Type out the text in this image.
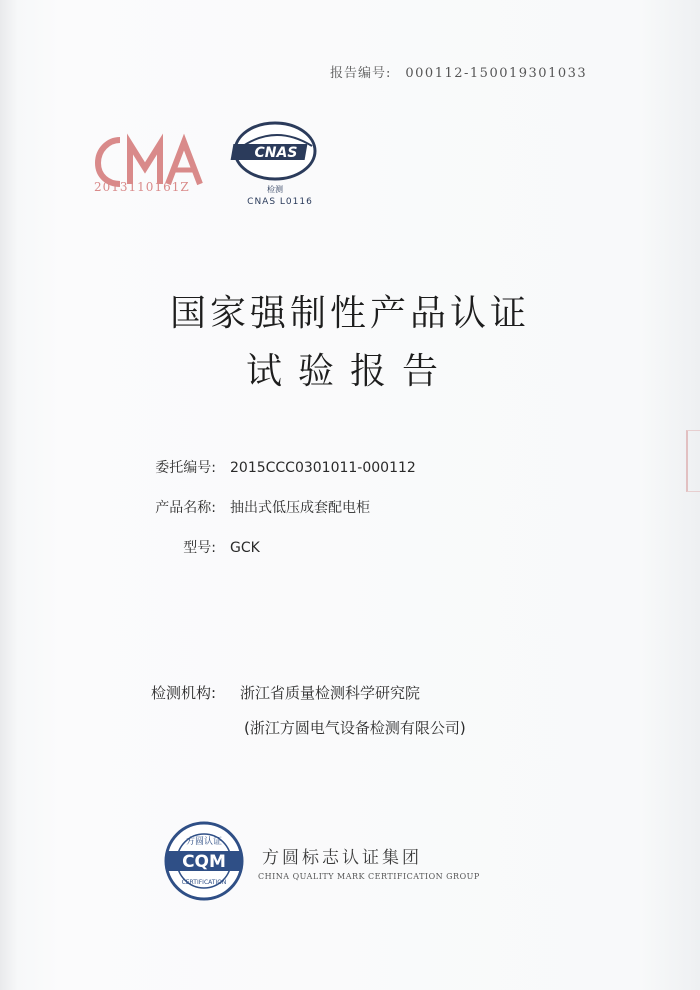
报告编号: 000112-150019301033
2013110161Z
CNAS
检测
CNAS L0116
国家强制性产品认证
试验报告
委托编号: 2015CCC0301011-000112
产品名称: 抽出式低压成套配电柜
型号: GCK
检测机构: 浙江省质量检测科学研究院
(浙江方圆电气设备检测有限公司)
CQM
方圆认证
CERTIFICATION
方圆标志认证集团
CHINA QUALITY MARK CERTIFICATION GROUP
